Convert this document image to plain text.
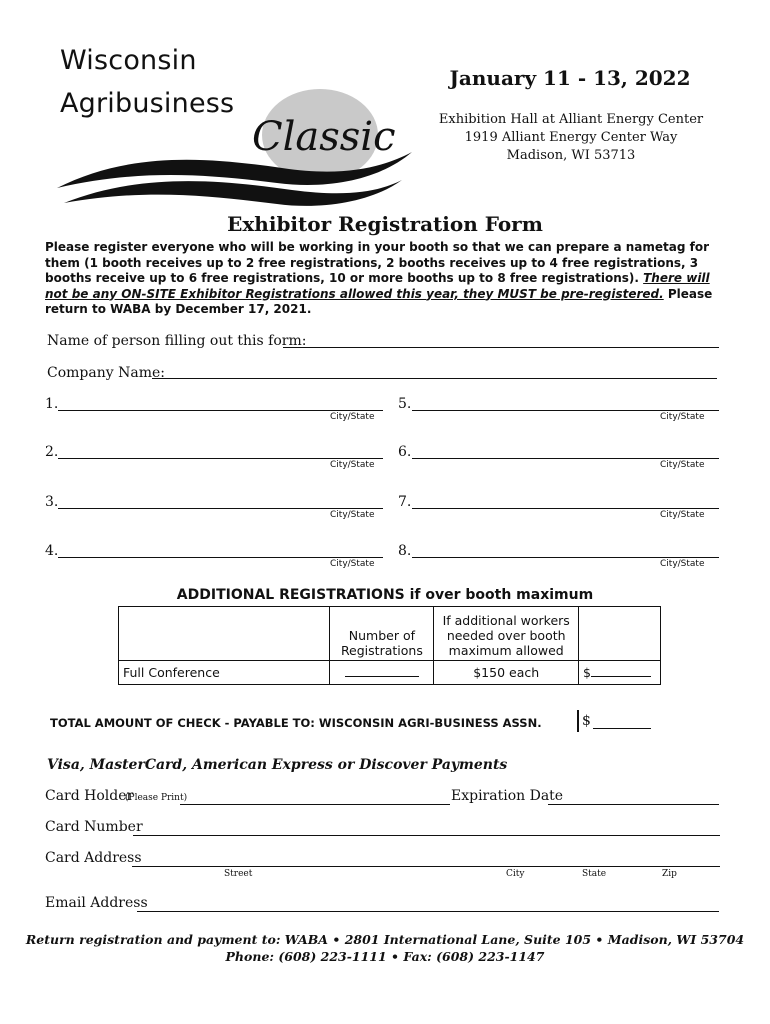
Classic
Wisconsin
Agribusiness
January 11 - 13, 2022
Exhibition Hall at Alliant Energy Center
1919 Alliant Energy Center Way
Madison, WI 53713
Exhibitor Registration Form
Please register everyone who will be working in your booth so that we can prepare a nametag for them (1 booth receives up to 2 free registrations, 2 booths receives up to 4 free registrations, 3 booths receive up to 6 free registrations, 10 or more booths up to 8 free registrations). There will not be any ON-SITE Exhibitor Registrations allowed this year, they MUST be pre-registered. Please return to WABA by December 17, 2021.
Name of person filling out this form:
Company Name:
1.
City/State
2.
City/State
3.
City/State
4.
City/State
5.
City/State
6.
City/State
7.
City/State
8.
City/State
ADDITIONAL REGISTRATIONS if over booth maximum
	Number of Registrations	If additional workers needed over booth maximum allowed	
Full Conference		$150 each	$
TOTAL AMOUNT OF CHECK - PAYABLE TO: WISCONSIN AGRI-BUSINESS ASSN.	$
Visa, MasterCard, American Express or Discover Payments
Card Holder
(Please Print)	Expiration Date
Card Number
Card Address
Street	City	State	Zip
Email Address
Return registration and payment to: WABA • 2801 International Lane, Suite 105 • Madison, WI 53704
Phone: (608) 223-1111 • Fax: (608) 223-1147
